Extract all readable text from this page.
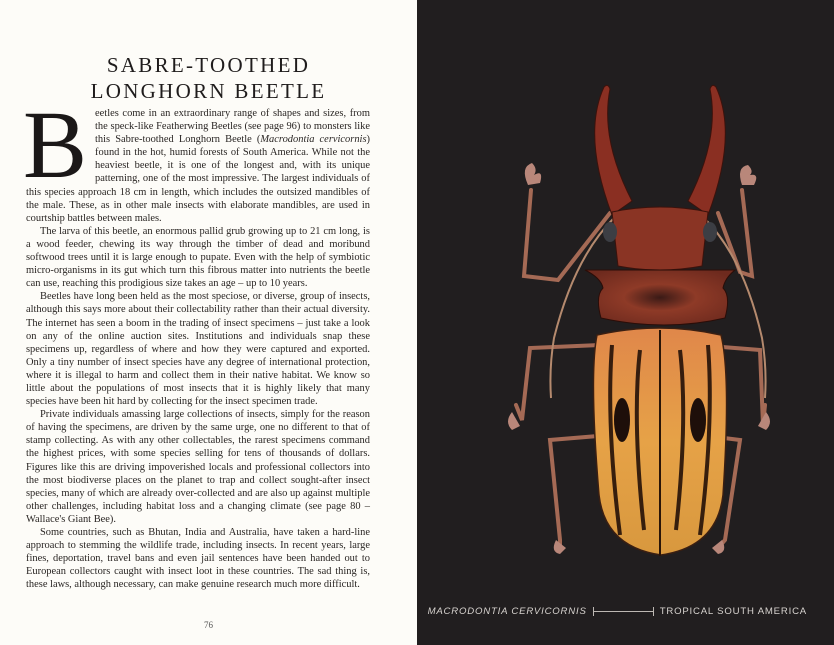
SABRE-TOOTHED
LONGHORN BEETLE

Beetles come in an extraordinary range of shapes and sizes, from the speck-like Featherwing Beetles (see page 96) to monsters like this Sabre-toothed Longhorn Beetle (Macrodontia cervicornis) found in the hot, humid forests of South America. While not the heaviest beetle, it is one of the longest and, with its unique patterning, one of the most impressive. The largest individuals of this species approach 18 cm in length, which includes the outsized mandibles of the male. These, as in other male insects with elaborate mandibles, are used in courtship battles between males.

The larva of this beetle, an enormous pallid grub growing up to 21 cm long, is a wood feeder, chewing its way through the timber of dead and moribund softwood trees until it is large enough to pupate. Even with the help of symbiotic micro-organisms in its gut which turn this fibrous matter into nutrients the beetle can use, reaching this prodigious size takes an age – up to 10 years.

Beetles have long been held as the most speciose, or diverse, group of insects, although this says more about their collectability rather than their actual diversity. The internet has seen a boom in the trading of insect specimens – just take a look on any of the online auction sites. Institutions and individuals snap these specimens up, regardless of where and how they were captured and exported. Only a tiny number of insect species have any degree of international protection, where it is illegal to harm and collect them in their native habitat. We know so little about the populations of most insects that it is highly likely that many species have been hit hard by collecting for the insect specimen trade.

Private individuals amassing large collections of insects, simply for the reason of having the specimens, are driven by the same urge, one no different to that of stamp collecting. As with any other collectables, the rarest specimens command the highest prices, with some species selling for tens of thousands of dollars. Figures like this are driving impoverished locals and professional collectors into the most biodiverse places on the planet to trap and collect sought-after insect species, many of which are already over-collected and are also up against multiple other challenges, including habitat loss and a changing climate (see page 80 – Wallace's Giant Bee).

Some countries, such as Bhutan, India and Australia, have taken a hard-line approach to stemming the wildlife trade, including insects. In recent years, large fines, deportation, travel bans and even jail sentences have been handed out to European collectors caught with insect loot in these countries. The sad thing is, these laws, although necessary, can make genuine research much more difficult.

76
MACRODONTIA CERVICORNIS	TROPICAL SOUTH AMERICA
